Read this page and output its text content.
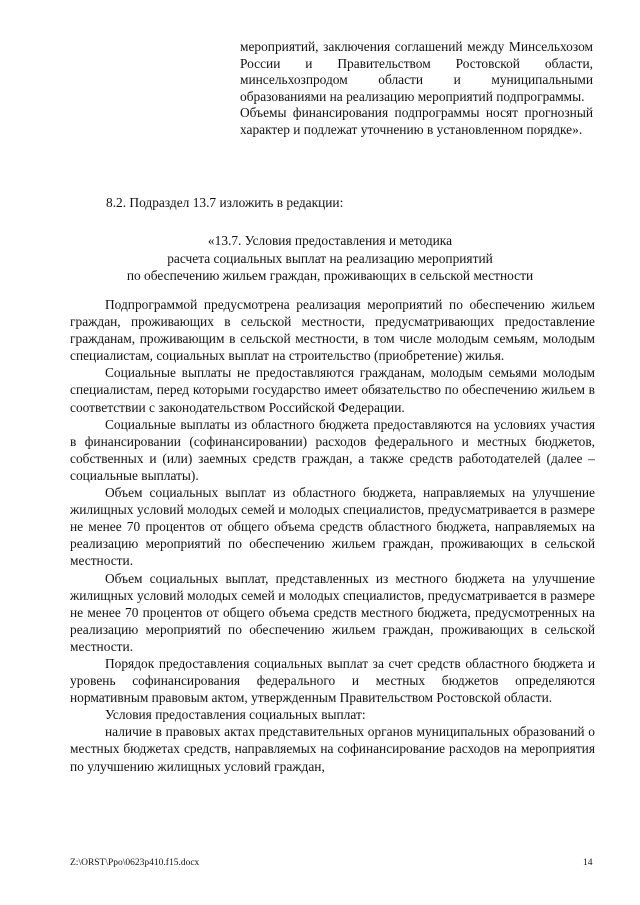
мероприятий, заключения соглашений между Минсельхозом России и Правительством Ростовской области, минсельхозпродом области и муниципальными образованиями на реализацию мероприятий подпрограммы.

Объемы финансирования подпрограммы носят прогнозный характер и подлежат уточнению в установленном порядке».

8.2. Подраздел 13.7 изложить в редакции:
«13.7. Условия предоставления и методика
расчета социальных выплат на реализацию мероприятий
по обеспечению жильем граждан, проживающих в сельской местности

Подпрограммой предусмотрена реализация мероприятий по обеспечению жильем граждан, проживающих в сельской местности, предусматривающих предоставление гражданам, проживающим в сельской местности, в том числе молодым семьям, молодым специалистам, социальных выплат на строительство (приобретение) жилья.

Социальные выплаты не предоставляются гражданам, молодым семьями молодым специалистам, перед которыми государство имеет обязательство по обеспечению жильем в соответствии с законодательством Российской Федерации.

Социальные выплаты из областного бюджета предоставляются на условиях участия в финансировании (софинансировании) расходов федерального и местных бюджетов, собственных и (или) заемных средств граждан, а также средств работодателей (далее – социальные выплаты).

Объем социальных выплат из областного бюджета, направляемых на улучшение жилищных условий молодых семей и молодых специалистов, предусматривается в размере не менее 70 процентов от общего объема средств областного бюджета, направляемых на реализацию мероприятий по обеспечению жильем граждан, проживающих в сельской местности.

Объем социальных выплат, представленных из местного бюджета на улучшение жилищных условий молодых семей и молодых специалистов, предусматривается в размере не менее 70 процентов от общего объема средств местного бюджета, предусмотренных на реализацию мероприятий по обеспечению жильем граждан, проживающих в сельской местности.

Порядок предоставления социальных выплат за счет средств областного бюджета и уровень софинансирования федерального и местных бюджетов определяются нормативным правовым актом, утвержденным Правительством Ростовской области.

Условия предоставления социальных выплат:

наличие в правовых актах представительных органов муниципальных образований о местных бюджетах средств, направляемых на софинансирование расходов на мероприятия по улучшению жилищных условий граждан,

Z:\ORST\Ppo\0623p410.f15.docx	14
